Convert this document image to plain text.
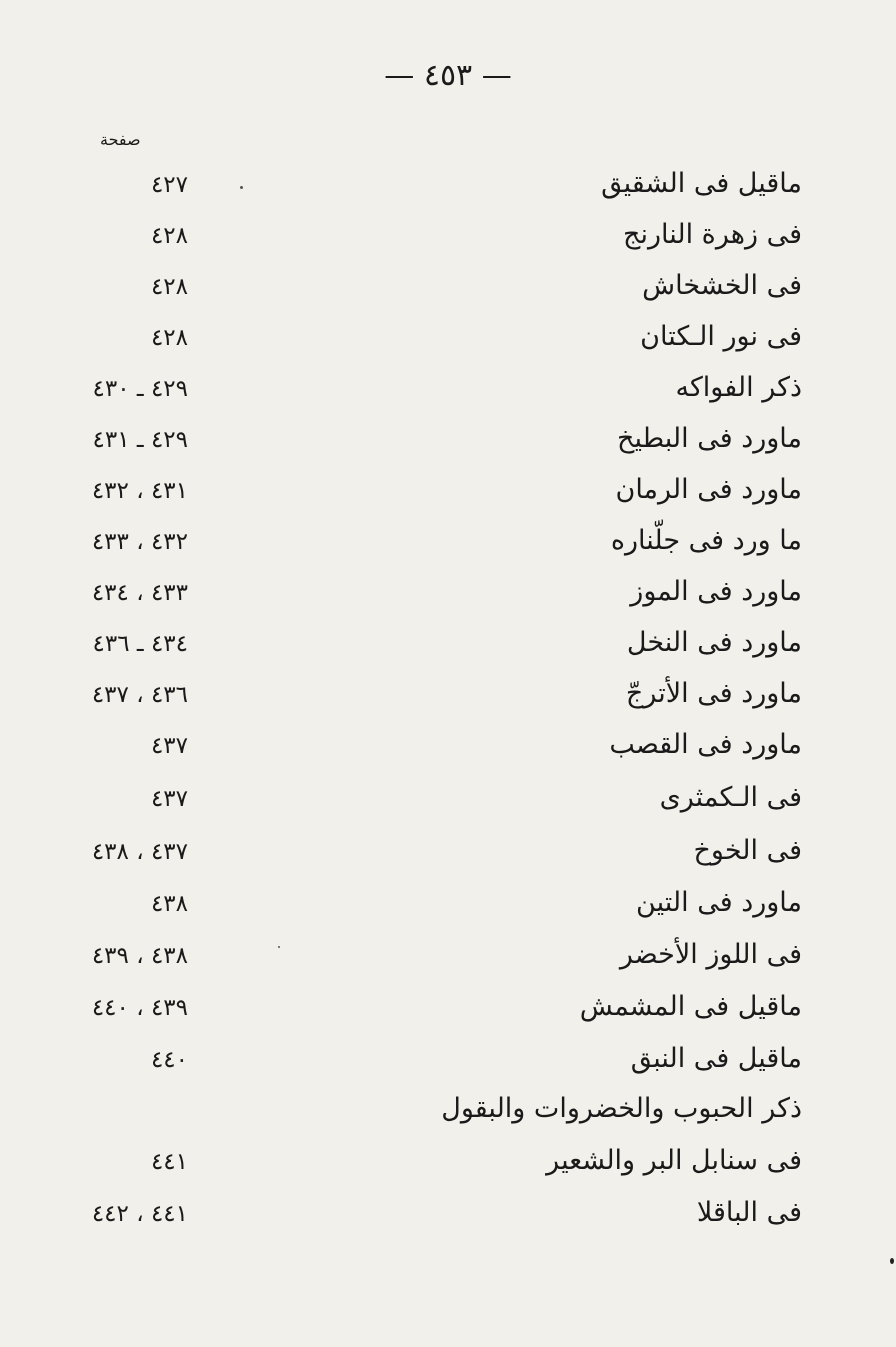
— ٤٥٣ —
صفحة
ماقيل فى الشقيق
٤٢٧
فى زهرة النارنج
٤٢٨
فى الخشخاش
٤٢٨
فى نور الـكتان
٤٢٨
ذكر الفواكه
٤٢٩ ـ ٤٣٠
ماورد فى البطيخ
٤٢٩ ـ ٤٣١
ماورد فى الرمان
٤٣١ ، ٤٣٢
ما ورد فى جلّناره
٤٣٢ ، ٤٣٣
ماورد فى الموز
٤٣٣ ، ٤٣٤
ماورد فى النخل
٤٣٤ ـ ٤٣٦
ماورد فى الأترجّ
٤٣٦ ، ٤٣٧
ماورد فى القصب
٤٣٧
فى الـكمثرى
٤٣٧
فى الخوخ
٤٣٧ ، ٤٣٨
ماورد فى التين
٤٣٨
فى اللوز الأخضر
٤٣٨ ، ٤٣٩
ماقيل فى المشمش
٤٣٩ ، ٤٤٠
ماقيل فى النبق
٤٤٠
ذكر الحبوب والخضروات والبقول
فى سنابل البر والشعير
٤٤١
فى الباقلا
٤٤١ ، ٤٤٢
